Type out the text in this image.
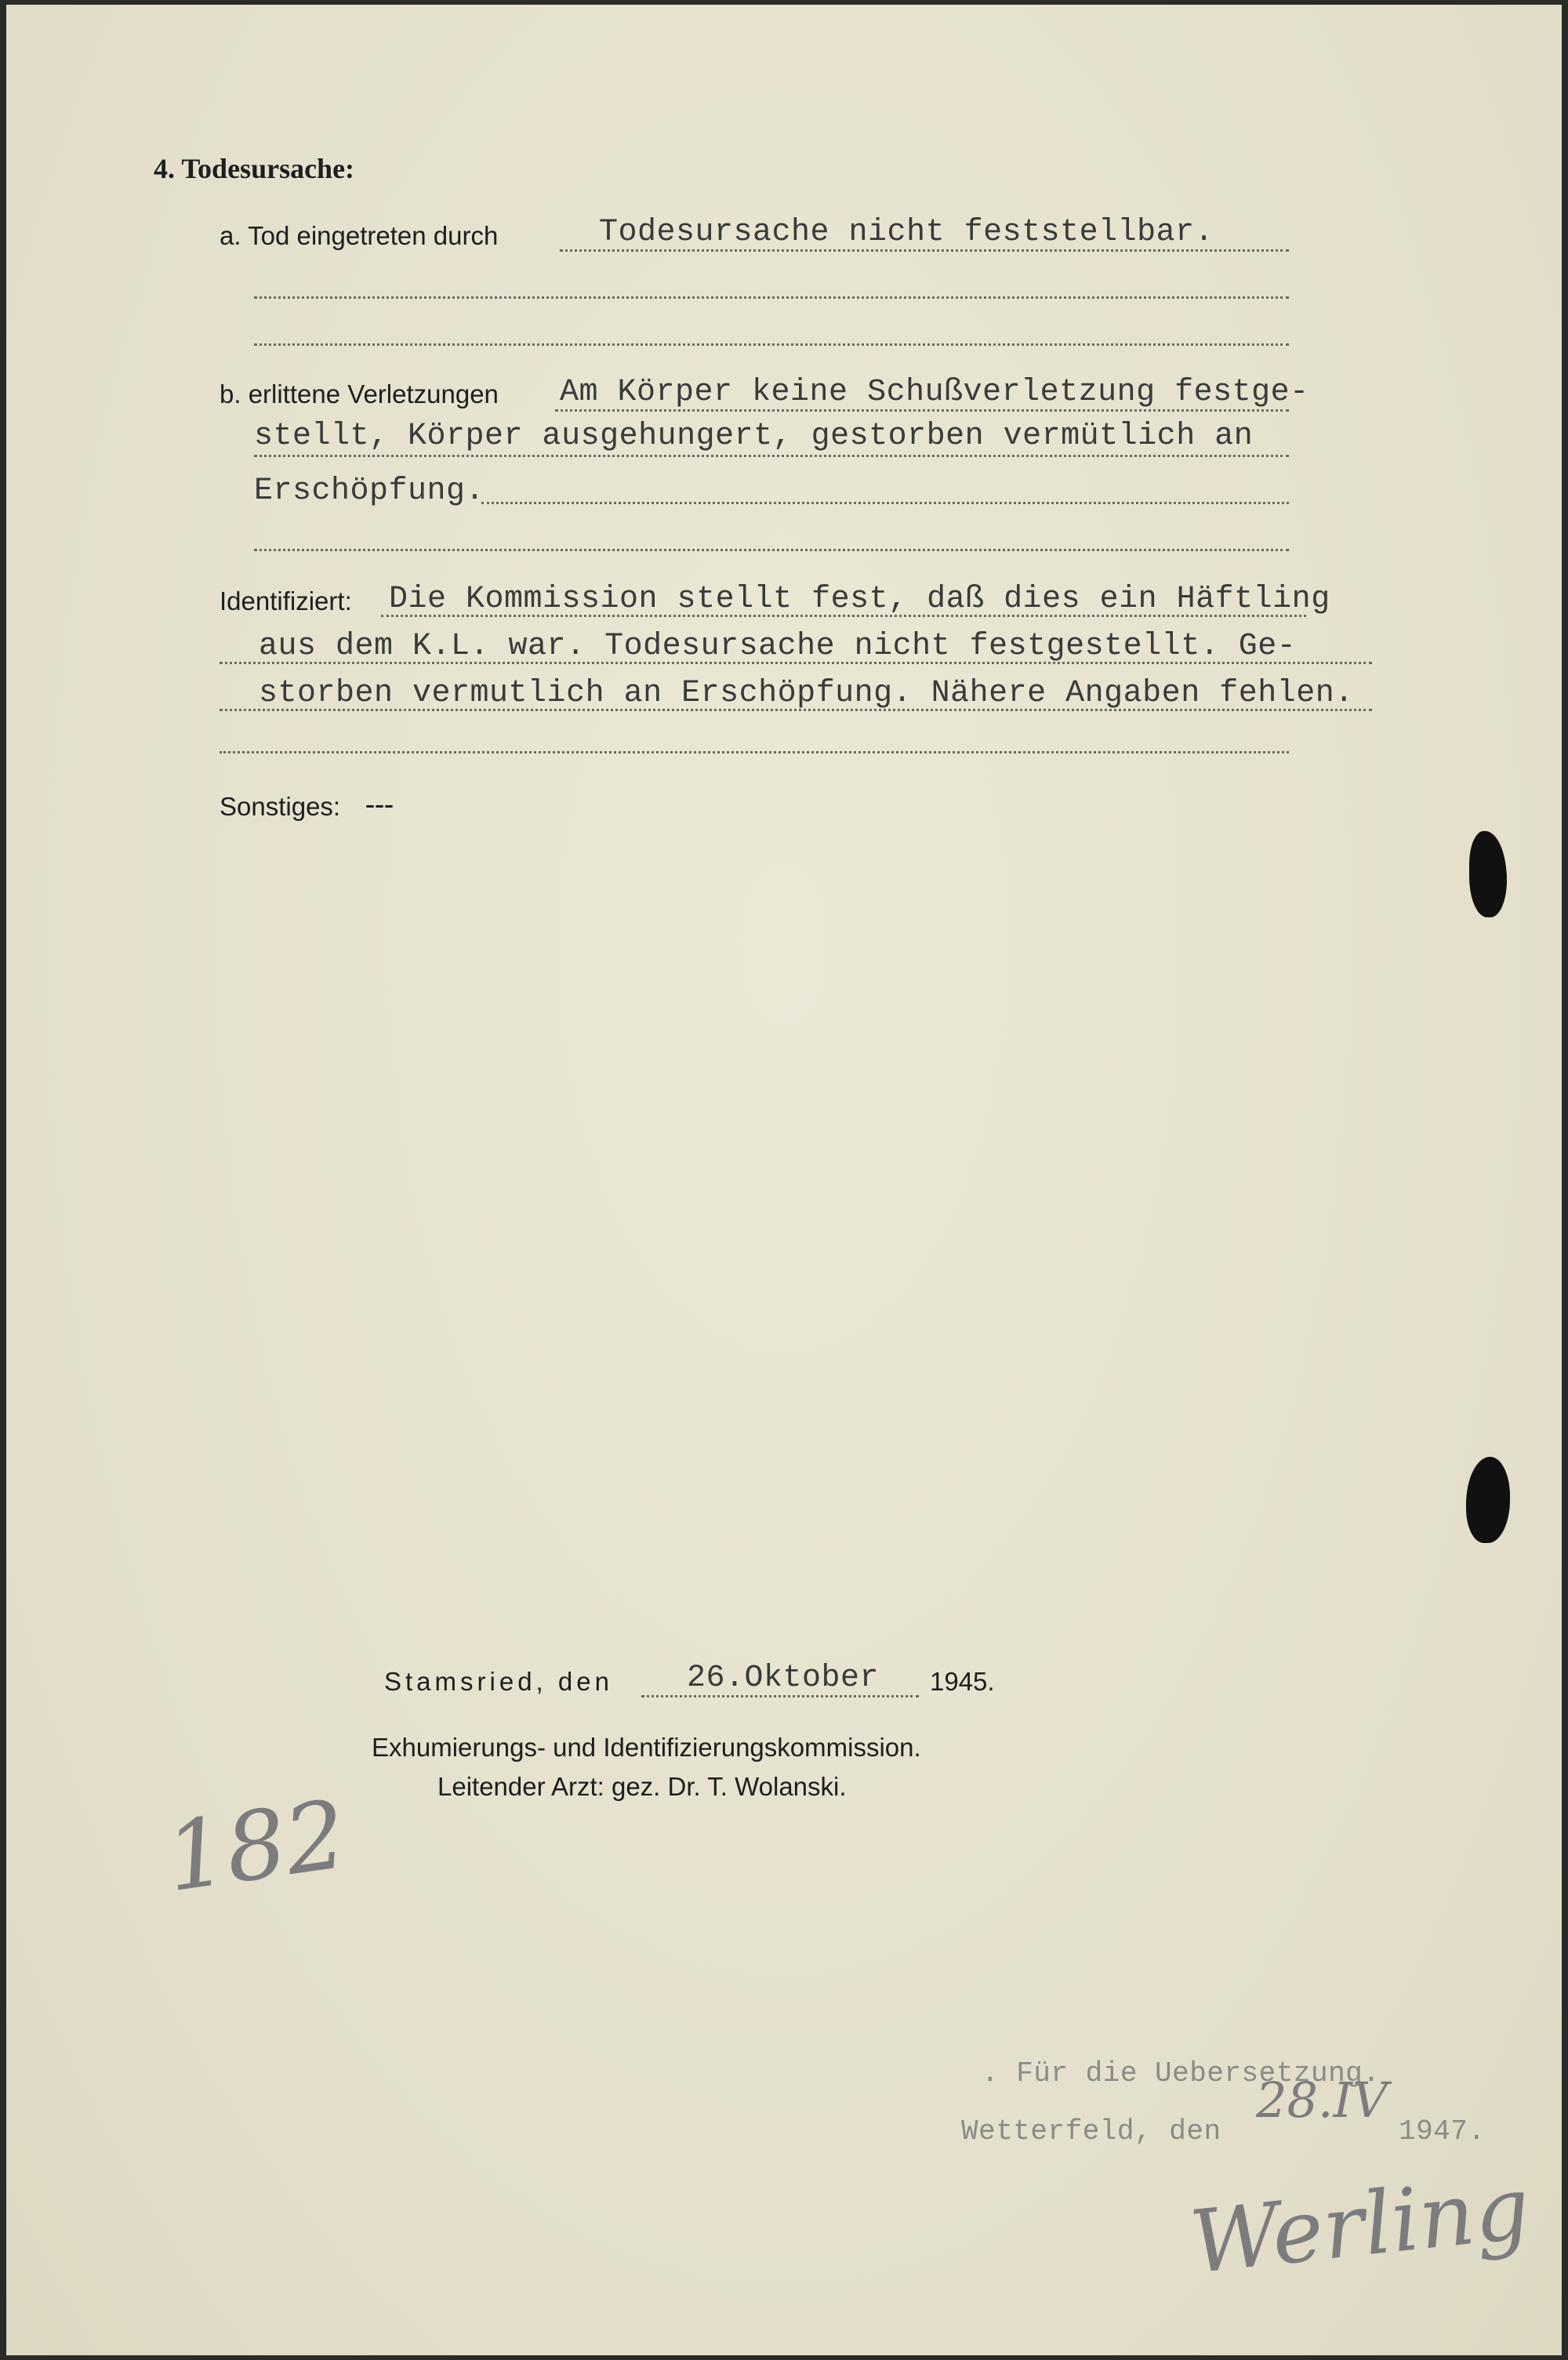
4. Todesursache:
a. Tod eingetreten durch	Todesursache nicht feststellbar.
b. erlittene Verletzungen Am Körper keine Schußverletzung festge-
stellt, Körper ausgehungert, gestorben vermütlich an
Erschöpfung.
Identifiziert: Die Kommission stellt fest, daß dies ein Häftling
aus dem K.L. war. Todesursache nicht festgestellt. Ge-
storben vermutlich an Erschöpfung. Nähere Angaben fehlen.
Sonstiges: ---
Stamsried, den 26.Oktober 1945.
Exhumierungs- und Identifizierungskommission.
Leitender Arzt: gez. Dr. T. Wolanski.
. Für die Uebersetzung.
Wetterfeld, den
28.IV
1947.
182
Werling
